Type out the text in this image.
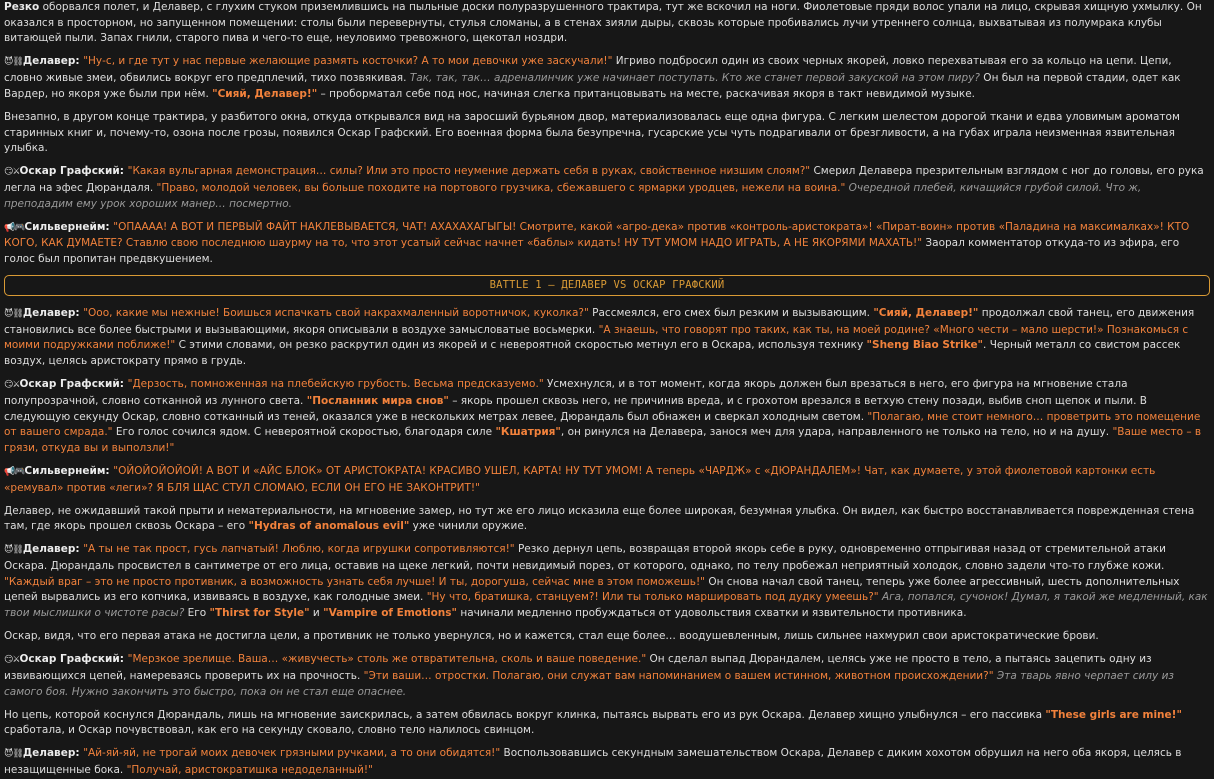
Резко оборвался полет, и Делавер, с глухим стуком приземлившись на пыльные доски полуразрушенного трактира, тут же вскочил на ноги. Фиолетовые пряди волос упали на лицо, скрывая хищную ухмылку. Он оказался в просторном, но запущенном помещении: столы были перевернуты, стулья сломаны, а в стенах зияли дыры, сквозь которые пробивались лучи утреннего солнца, выхватывая из полумрака клубы витающей пыли. Запах гнили, старого пива и чего-то еще, неуловимо тревожного, щекотал ноздри.
😈⛓Делавер: "Ну-с, и где тут у нас первые желающие размять косточки? А то мои девочки уже заскучали!" Игриво подбросил один из своих черных якорей, ловко перехватывая его за кольцо на цепи. Цепи, словно живые змеи, обвились вокруг его предплечий, тихо позвякивая. Так, так, так… адреналинчик уже начинает поступать. Кто же станет первой закуской на этом пиру? Он был на первой стадии, одет как Вардер, но якоря уже были при нём. "Сияй, Делавер!" – проборматал себе под нос, начиная слегка пританцовывать на месте, раскачивая якоря в такт невидимой музыке.
Внезапно, в другом конце трактира, у разбитого окна, откуда открывался вид на заросший бурьяном двор, материализовалась еще одна фигура. С легким шелестом дорогой ткани и едва уловимым ароматом старинных книг и, почему-то, озона после грозы, появился Оскар Графский. Его военная форма была безупречна, гусарские усы чуть подрагивали от брезгливости, а на губах играла неизменная язвительная улыбка.
😏⚔Оскар Графский: "Какая вульгарная демонстрация… силы? Или это просто неумение держать себя в руках, свойственное низшим слоям?" Смерил Делавера презрительным взглядом с ног до головы, его рука легла на эфес Дюрандаля. "Право, молодой человек, вы больше походите на портового грузчика, сбежавшего с ярмарки уродцев, нежели на воина." Очередной плебей, кичащийся грубой силой. Что ж, преподадим ему урок хороших манер… посмертно.
📢🎮Сильвернейм: "ОПАААА! А ВОТ И ПЕРВЫЙ ФАЙТ НАКЛЕВЫВАЕТСЯ, ЧАТ! АХАХАХАГЫГЫ! Смотрите, какой «агро-дека» против «контроль-аристократа»! «Пират-воин» против «Паладина на максималках»! КТО КОГО, КАК ДУМАЕТЕ? Ставлю свою последнюю шаурму на то, что этот усатый сейчас начнет «баблы» кидать! НУ ТУТ УМОМ НАДО ИГРАТЬ, А НЕ ЯКОРЯМИ МАХАТЬ!" Заорал комментатор откуда-то из эфира, его голос был пропитан предвкушением.
BATTLE 1 – ДЕЛАВЕР VS ОСКАР ГРАФСКИЙ
😈⛓Делавер: "Ооо, какие мы нежные! Боишься испачкать свой накрахмаленный воротничок, куколка?" Рассмеялся, его смех был резким и вызывающим. "Сияй, Делавер!" продолжал свой танец, его движения становились все более быстрыми и вызывающими, якоря описывали в воздухе замысловатые восьмерки. "А знаешь, что говорят про таких, как ты, на моей родине? «Много чести – мало шерсти!» Познакомься с моими подружками поближе!" С этими словами, он резко раскрутил один из якорей и с невероятной скоростью метнул его в Оскара, используя технику "Sheng Biao Strike". Черный металл со свистом рассек воздух, целясь аристократу прямо в грудь.
😏⚔Оскар Графский: "Дерзость, помноженная на плебейскую грубость. Весьма предсказуемо." Усмехнулся, и в тот момент, когда якорь должен был врезаться в него, его фигура на мгновение стала полупрозрачной, словно сотканной из лунного света. "Посланник мира снов" – якорь прошел сквозь него, не причинив вреда, и с грохотом врезался в ветхую стену позади, выбив сноп щепок и пыли. В следующую секунду Оскар, словно сотканный из теней, оказался уже в нескольких метрах левее, Дюрандаль был обнажен и сверкал холодным светом. "Полагаю, мне стоит немного… проветрить это помещение от вашего смрада." Его голос сочился ядом. С невероятной скоростью, благодаря силе "Кшатрия", он ринулся на Делавера, занося меч для удара, направленного не только на тело, но и на душу. "Ваше место – в грязи, откуда вы и выползли!"
📢🎮Сильвернейм: "ОЙОЙОЙОЙОЙ! А ВОТ И «АЙС БЛОК» ОТ АРИСТОКРАТА! КРАСИВО УШЕЛ, КАРТА! НУ ТУТ УМОМ! А теперь «ЧАРДЖ» с «ДЮРАНДАЛЕМ»! Чат, как думаете, у этой фиолетовой картонки есть «ремувал» против «леги»? Я БЛЯ ЩАС СТУЛ СЛОМАЮ, ЕСЛИ ОН ЕГО НЕ ЗАКОНТРИТ!"
Делавер, не ожидавший такой прыти и нематериальности, на мгновение замер, но тут же его лицо исказила еще более широкая, безумная улыбка. Он видел, как быстро восстанавливается поврежденная стена там, где якорь прошел сквозь Оскара – его "Hydras of anomalous evil" уже чинили оружие.
😈⛓Делавер: "А ты не так прост, гусь лапчатый! Люблю, когда игрушки сопротивляются!" Резко дернул цепь, возвращая второй якорь себе в руку, одновременно отпрыгивая назад от стремительной атаки Оскара. Дюрандаль просвистел в сантиметре от его лица, оставив на щеке легкий, почти невидимый порез, от которого, однако, по телу пробежал неприятный холодок, словно задели что-то глубже кожи. "Каждый враг – это не просто противник, а возможность узнать себя лучше! И ты, дорогуша, сейчас мне в этом поможешь!" Он снова начал свой танец, теперь уже более агрессивный, шесть дополнительных цепей вырвались из его копчика, извиваясь в воздухе, как голодные змеи. "Ну что, братишка, станцуем?! Или ты только маршировать под дудку умеешь?" Ага, попался, сучонок! Думал, я такой же медленный, как твои мыслишки о чистоте расы? Его "Thirst for Style" и "Vampire of Emotions" начинали медленно пробуждаться от удовольствия схватки и язвительности противника.
Оскар, видя, что его первая атака не достигла цели, а противник не только увернулся, но и кажется, стал еще более… воодушевленным, лишь сильнее нахмурил свои аристократические брови.
😏⚔Оскар Графский: "Мерзкое зрелище. Ваша… «живучесть» столь же отвратительна, сколь и ваше поведение." Он сделал выпад Дюрандалем, целясь уже не просто в тело, а пытаясь зацепить одну из извивающихся цепей, намереваясь проверить их на прочность. "Эти ваши… отростки. Полагаю, они служат вам напоминанием о вашем истинном, животном происхождении?" Эта тварь явно черпает силу из самого боя. Нужно закончить это быстро, пока он не стал еще опаснее.
Но цепь, которой коснулся Дюрандаль, лишь на мгновение заискрилась, а затем обвилась вокруг клинка, пытаясь вырвать его из рук Оскара. Делавер хищно улыбнулся – его пассивка "These girls are mine!" сработала, и Оскар почувствовал, как его на секунду сковало, словно тело налилось свинцом.
😈⛓Делавер: "Ай-яй-яй, не трогай моих девочек грязными ручками, а то они обидятся!" Воспользовавшись секундным замешательством Оскара, Делавер с диким хохотом обрушил на него оба якоря, целясь в незащищенные бока. "Получай, аристократишка недоделанный!"
